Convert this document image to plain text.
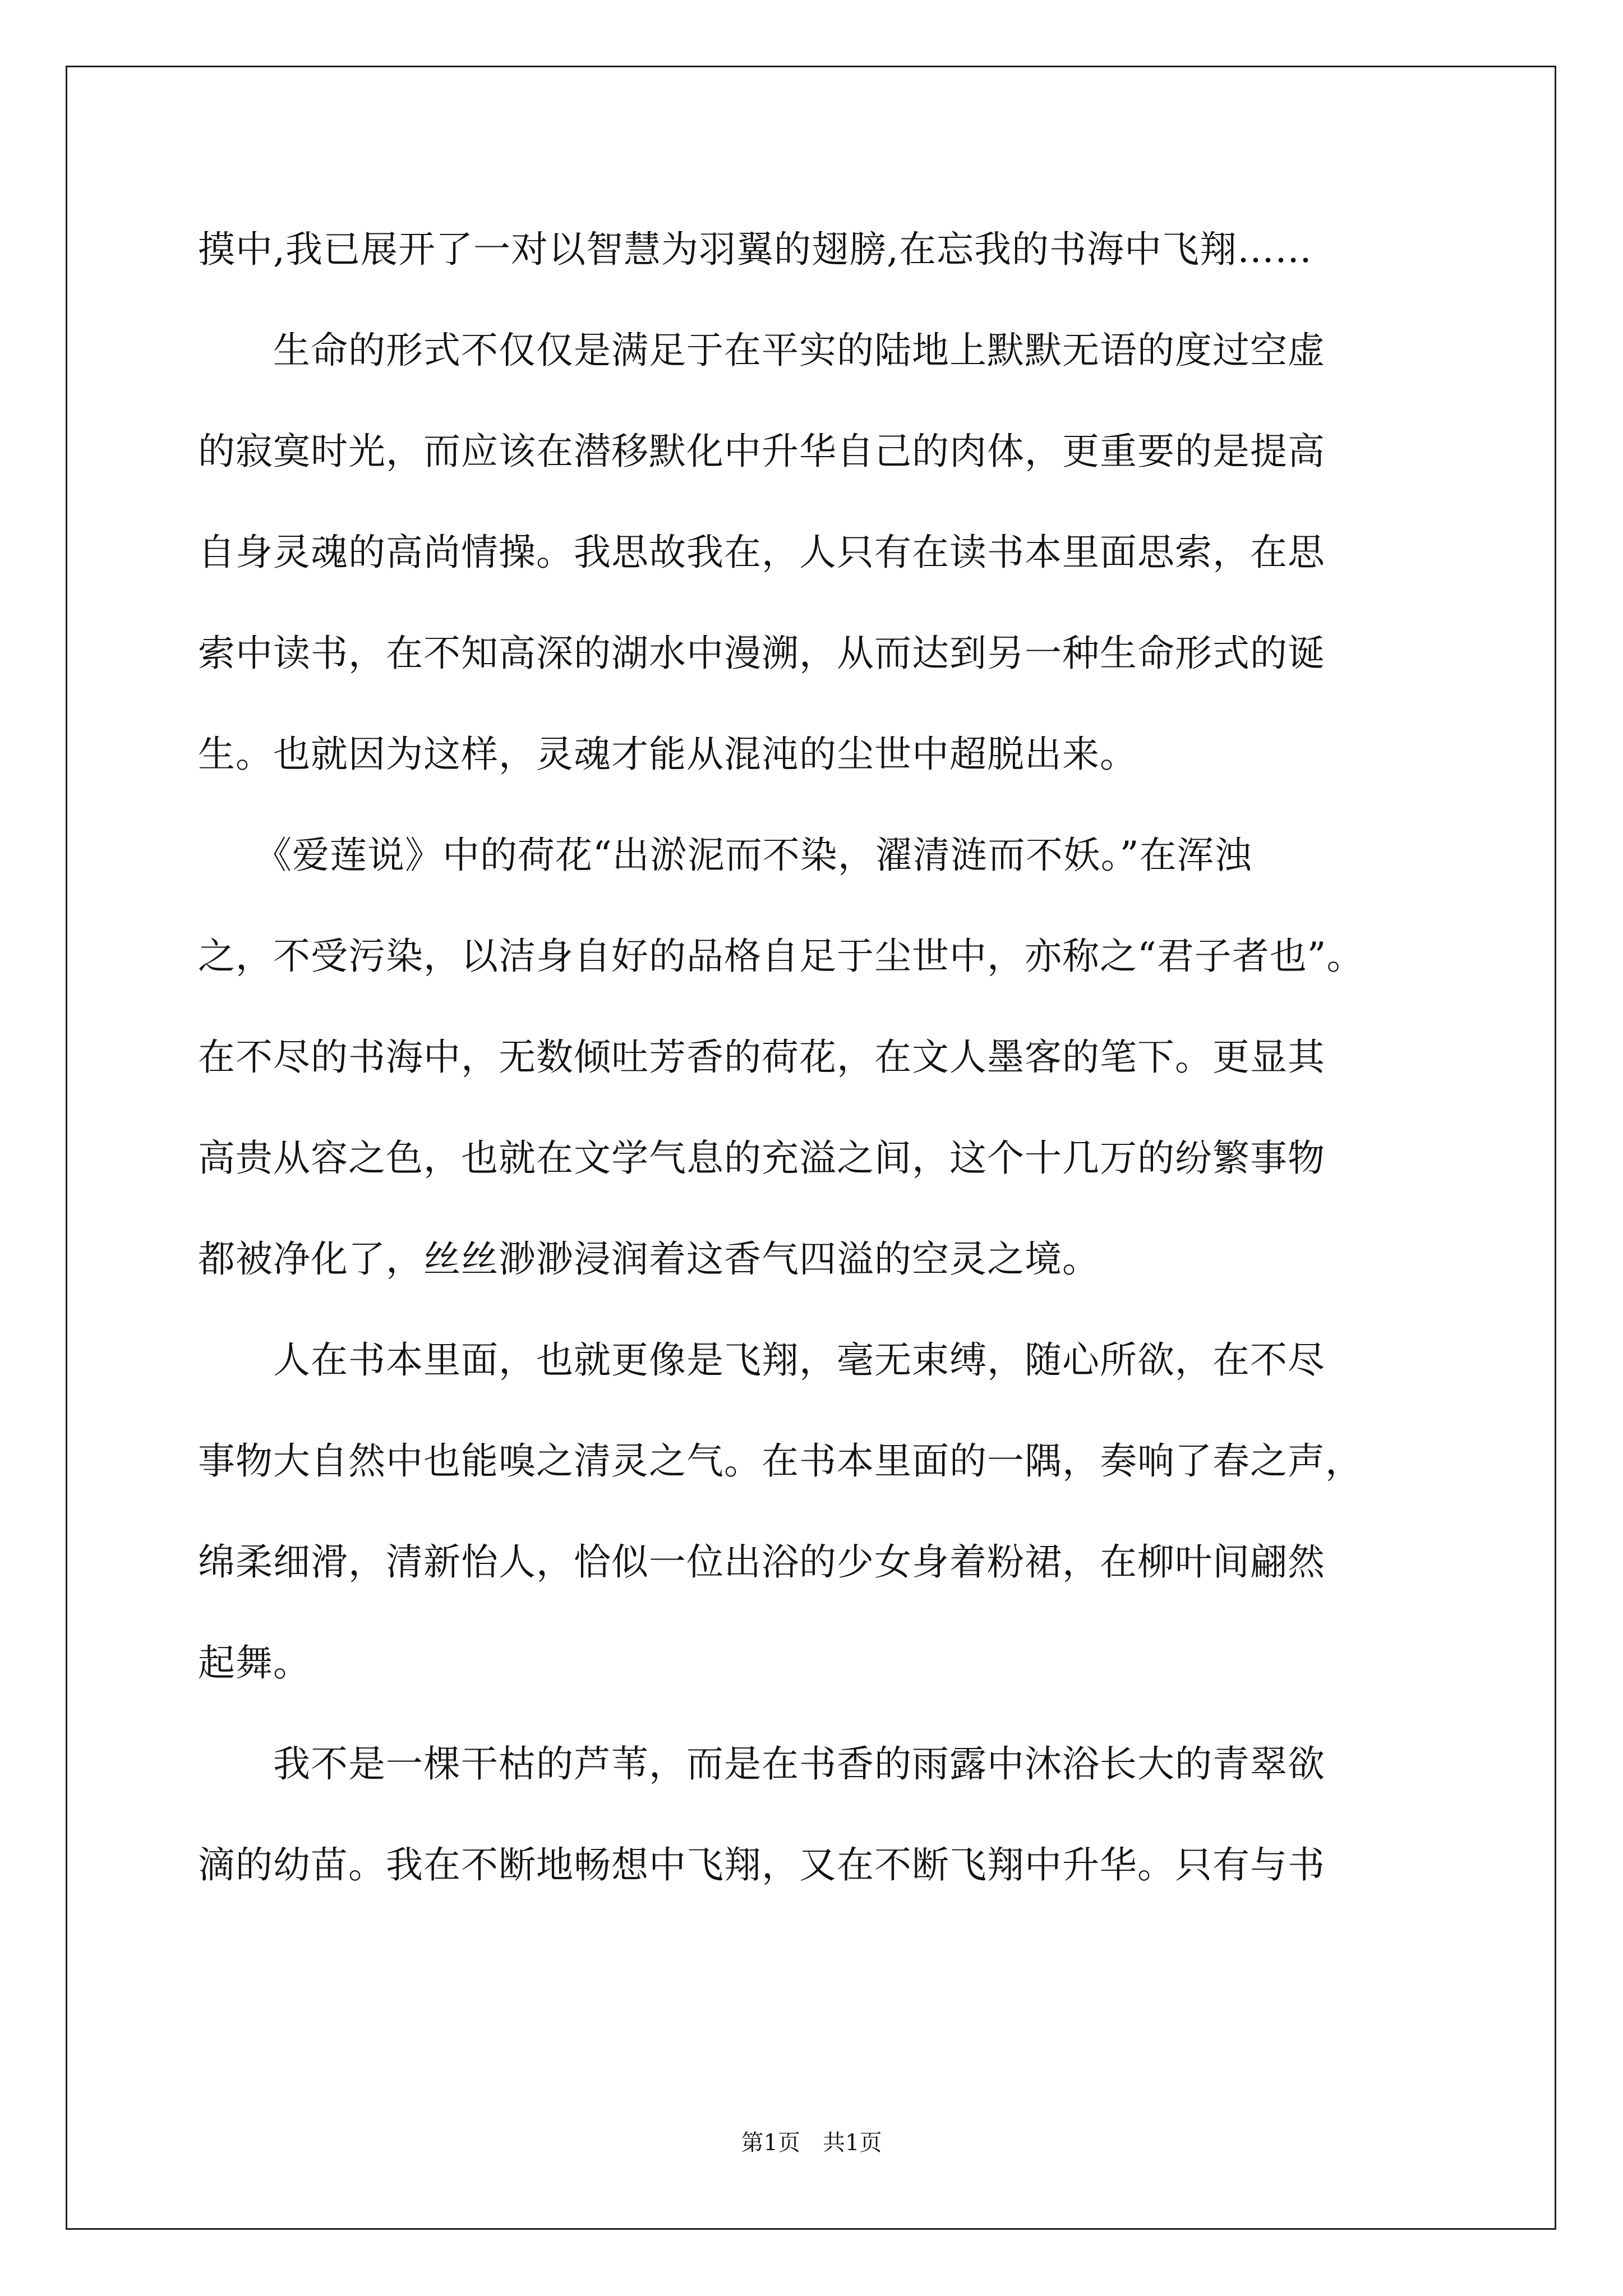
摸中,我已展开了一对以智慧为羽翼的翅膀,在忘我的书海中飞翔……
　　生命的形式不仅仅是满足于在平实的陆地上默默无语的度过空虚
的寂寞时光，而应该在潜移默化中升华自己的肉体，更重要的是提高
自身灵魂的高尚情操。我思故我在，人只有在读书本里面思索，在思
索中读书，在不知高深的湖水中漫溯，从而达到另一种生命形式的诞
生。也就因为这样，灵魂才能从混沌的尘世中超脱出来。
　　《爱莲说》中的荷花“出淤泥而不染，濯清涟而不妖。”在浑浊
之，不受污染，以洁身自好的品格自足于尘世中，亦称之“君子者也”。
在不尽的书海中，无数倾吐芳香的荷花，在文人墨客的笔下。更显其
高贵从容之色，也就在文学气息的充溢之间，这个十几万的纷繁事物
都被净化了，丝丝渺渺浸润着这香气四溢的空灵之境。
　　人在书本里面，也就更像是飞翔，毫无束缚，随心所欲，在不尽
事物大自然中也能嗅之清灵之气。在书本里面的一隅，奏响了春之声，
绵柔细滑，清新怡人，恰似一位出浴的少女身着粉裙，在柳叶间翩然
起舞。
　　我不是一棵干枯的芦苇，而是在书香的雨露中沐浴长大的青翠欲
滴的幼苗。我在不断地畅想中飞翔，又在不断飞翔中升华。只有与书
第1页　共1页
